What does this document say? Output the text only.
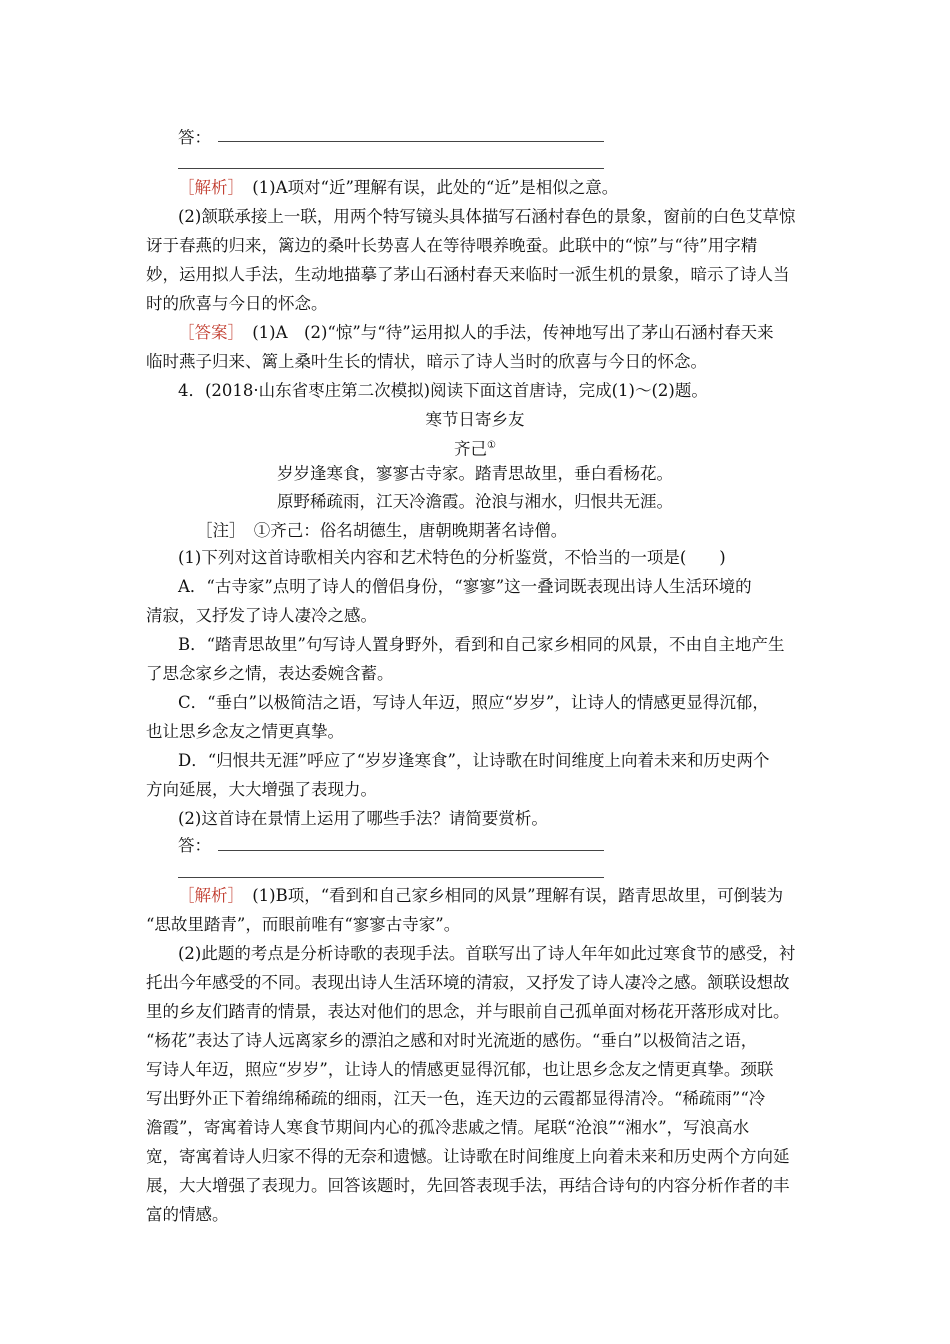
答：
［解析］　(1)A项对“近”理解有误，此处的“近”是相似之意。
(2)颔联承接上一联，用两个特写镜头具体描写石涵村春色的景象，窗前的白色艾草惊
讶于春燕的归来，篱边的桑叶长势喜人在等待喂养晚蚕。此联中的“惊”与“待”用字精
妙，运用拟人手法，生动地描摹了茅山石涵村春天来临时一派生机的景象，暗示了诗人当
时的欣喜与今日的怀念。
［答案］　(1)A　(2)“惊”与“待”运用拟人的手法，传神地写出了茅山石涵村春天来
临时燕子归来、篱上桑叶生长的情状，暗示了诗人当时的欣喜与今日的怀念。
4．(2018·山东省枣庄第二次模拟)阅读下面这首唐诗，完成(1)～(2)题。
寒节日寄乡友
齐己①
岁岁逢寒食，寥寥古寺家。踏青思故里，垂白看杨花。
原野稀疏雨，江天冷澹霞。沧浪与湘水，归恨共无涯。
［注］　①齐己：俗名胡德生，唐朝晚期著名诗僧。
(1)下列对这首诗歌相关内容和艺术特色的分析鉴赏，不恰当的一项是(　　)
A．“古寺家”点明了诗人的僧侣身份，“寥寥”这一叠词既表现出诗人生活环境的
清寂，又抒发了诗人凄冷之感。
B．“踏青思故里”句写诗人置身野外，看到和自己家乡相同的风景，不由自主地产生
了思念家乡之情，表达委婉含蓄。
C．“垂白”以极简洁之语，写诗人年迈，照应“岁岁”，让诗人的情感更显得沉郁，
也让思乡念友之情更真挚。
D．“归恨共无涯”呼应了“岁岁逢寒食”，让诗歌在时间维度上向着未来和历史两个
方向延展，大大增强了表现力。
(2)这首诗在景情上运用了哪些手法？请简要赏析。
答：
［解析］　(1)B项，“看到和自己家乡相同的风景”理解有误，踏青思故里，可倒装为
“思故里踏青”，而眼前唯有“寥寥古寺家”。
(2)此题的考点是分析诗歌的表现手法。首联写出了诗人年年如此过寒食节的感受，衬
托出今年感受的不同。表现出诗人生活环境的清寂，又抒发了诗人凄冷之感。颔联设想故
里的乡友们踏青的情景，表达对他们的思念，并与眼前自己孤单面对杨花开落形成对比。
“杨花”表达了诗人远离家乡的漂泊之感和对时光流逝的感伤。“垂白”以极简洁之语，
写诗人年迈，照应“岁岁”，让诗人的情感更显得沉郁，也让思乡念友之情更真挚。颈联
写出野外正下着绵绵稀疏的细雨，江天一色，连天边的云霞都显得清冷。“稀疏雨”“冷
澹霞”，寄寓着诗人寒食节期间内心的孤冷悲戚之情。尾联“沧浪”“湘水”，写浪高水
宽，寄寓着诗人归家不得的无奈和遗憾。让诗歌在时间维度上向着未来和历史两个方向延
展，大大增强了表现力。回答该题时，先回答表现手法，再结合诗句的内容分析作者的丰
富的情感。
